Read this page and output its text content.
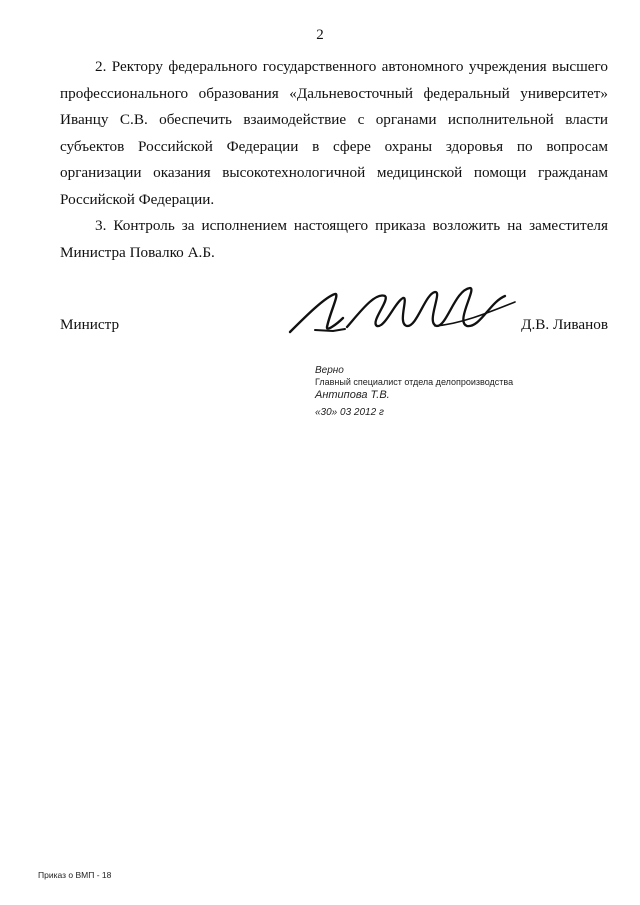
2

2. Ректору федерального государственного автономного учреждения высшего профессионального образования «Дальневосточный федеральный университет» Иванцу С.В. обеспечить взаимодействие с органами исполнительной власти субъектов Российской Федерации в сфере охраны здоровья по вопросам организации оказания высокотехнологичной медицинской помощи гражданам Российской Федерации.

3. Контроль за исполнением настоящего приказа возложить на заместителя Министра Повалко А.Б.

Министр	Д.В. Ливанов
Верно
Главный специалист отдела делопроизводства
Антипова Т.В.
«30» 03 2012 г
Приказ о ВМП - 18
